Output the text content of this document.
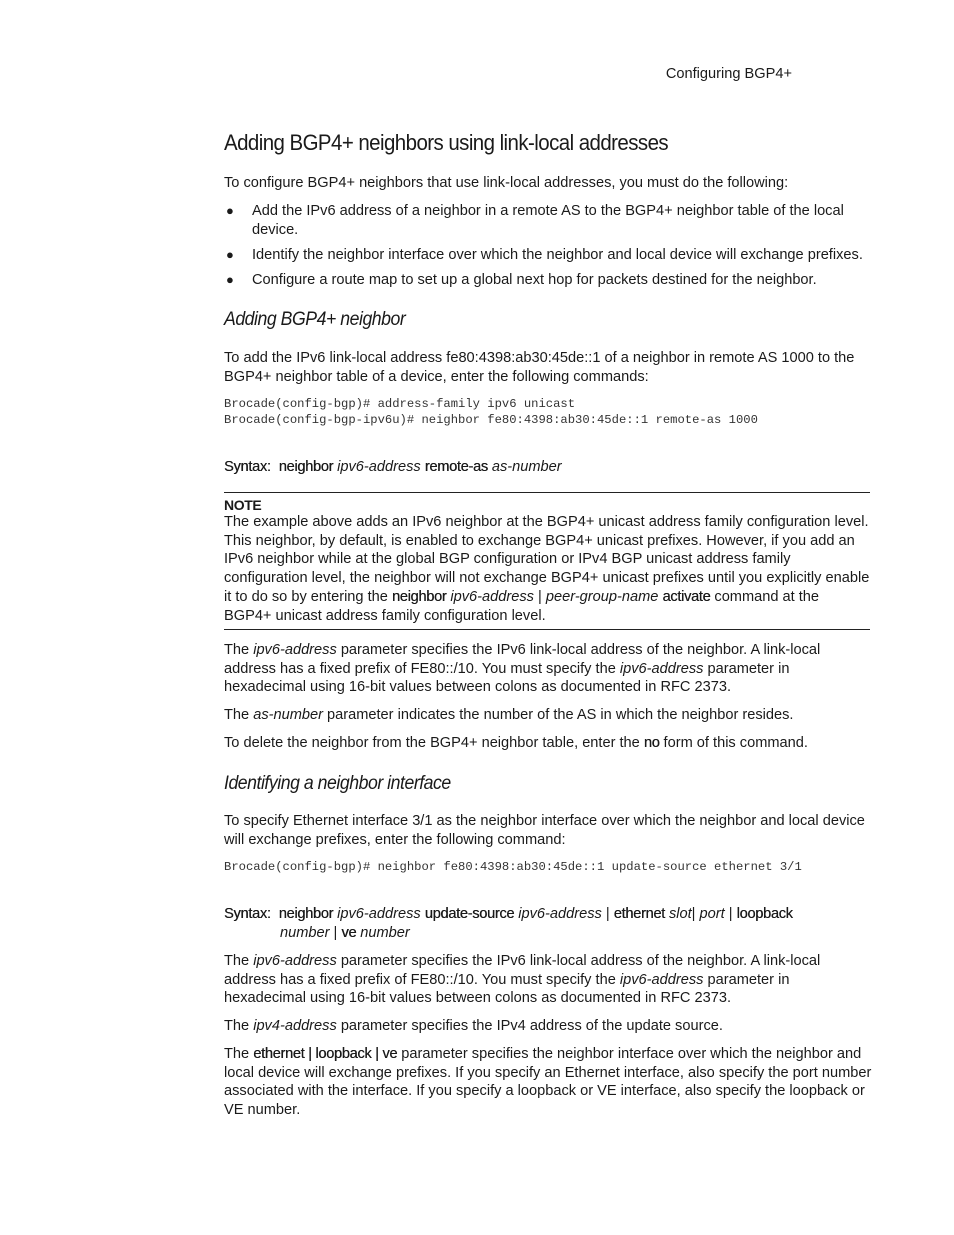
Configuring BGP4+
Adding BGP4+ neighbors using link-local addresses

To configure BGP4+ neighbors that use link-local addresses, you must do the following:

● Add the IPv6 address of a neighbor in a remote AS to the BGP4+ neighbor table of the local device.
● Identify the neighbor interface over which the neighbor and local device will exchange prefixes.
● Configure a route map to set up a global next hop for packets destined for the neighbor.
Adding BGP4+ neighbor

To add the IPv6 link-local address fe80:4398:ab30:45de::1 of a neighbor in remote AS 1000 to the BGP4+ neighbor table of a device, enter the following commands:

Brocade(config-bgp)# address-family ipv6 unicast
Brocade(config-bgp-ipv6u)# neighbor fe80:4398:ab30:45de::1 remote-as 1000

Syntax: neighbor ipv6-address remote-as as-number

NOTE

The example above adds an IPv6 neighbor at the BGP4+ unicast address family configuration level. This neighbor, by default, is enabled to exchange BGP4+ unicast prefixes. However, if you add an IPv6 neighbor while at the global BGP configuration or IPv4 BGP unicast address family configuration level, the neighbor will not exchange BGP4+ unicast prefixes until you explicitly enable it to do so by entering the neighbor ipv6-address | peer-group-name activate command at the BGP4+ unicast address family configuration level.

The ipv6-address parameter specifies the IPv6 link-local address of the neighbor. A link-local address has a fixed prefix of FE80::/10. You must specify the ipv6-address parameter in hexadecimal using 16-bit values between colons as documented in RFC 2373.

The as-number parameter indicates the number of the AS in which the neighbor resides.

To delete the neighbor from the BGP4+ neighbor table, enter the no form of this command.

Identifying a neighbor interface

To specify Ethernet interface 3/1 as the neighbor interface over which the neighbor and local device will exchange prefixes, enter the following command:

Brocade(config-bgp)# neighbor fe80:4398:ab30:45de::1 update-source ethernet 3/1

Syntax: neighbor ipv6-address update-source ipv6-address | ethernet slot| port | loopback
number | ve number

The ipv6-address parameter specifies the IPv6 link-local address of the neighbor. A link-local address has a fixed prefix of FE80::/10. You must specify the ipv6-address parameter in hexadecimal using 16-bit values between colons as documented in RFC 2373.

The ipv4-address parameter specifies the IPv4 address of the update source.

The ethernet | loopback | ve parameter specifies the neighbor interface over which the neighbor and local device will exchange prefixes. If you specify an Ethernet interface, also specify the port number associated with the interface. If you specify a loopback or VE interface, also specify the loopback or VE number.
